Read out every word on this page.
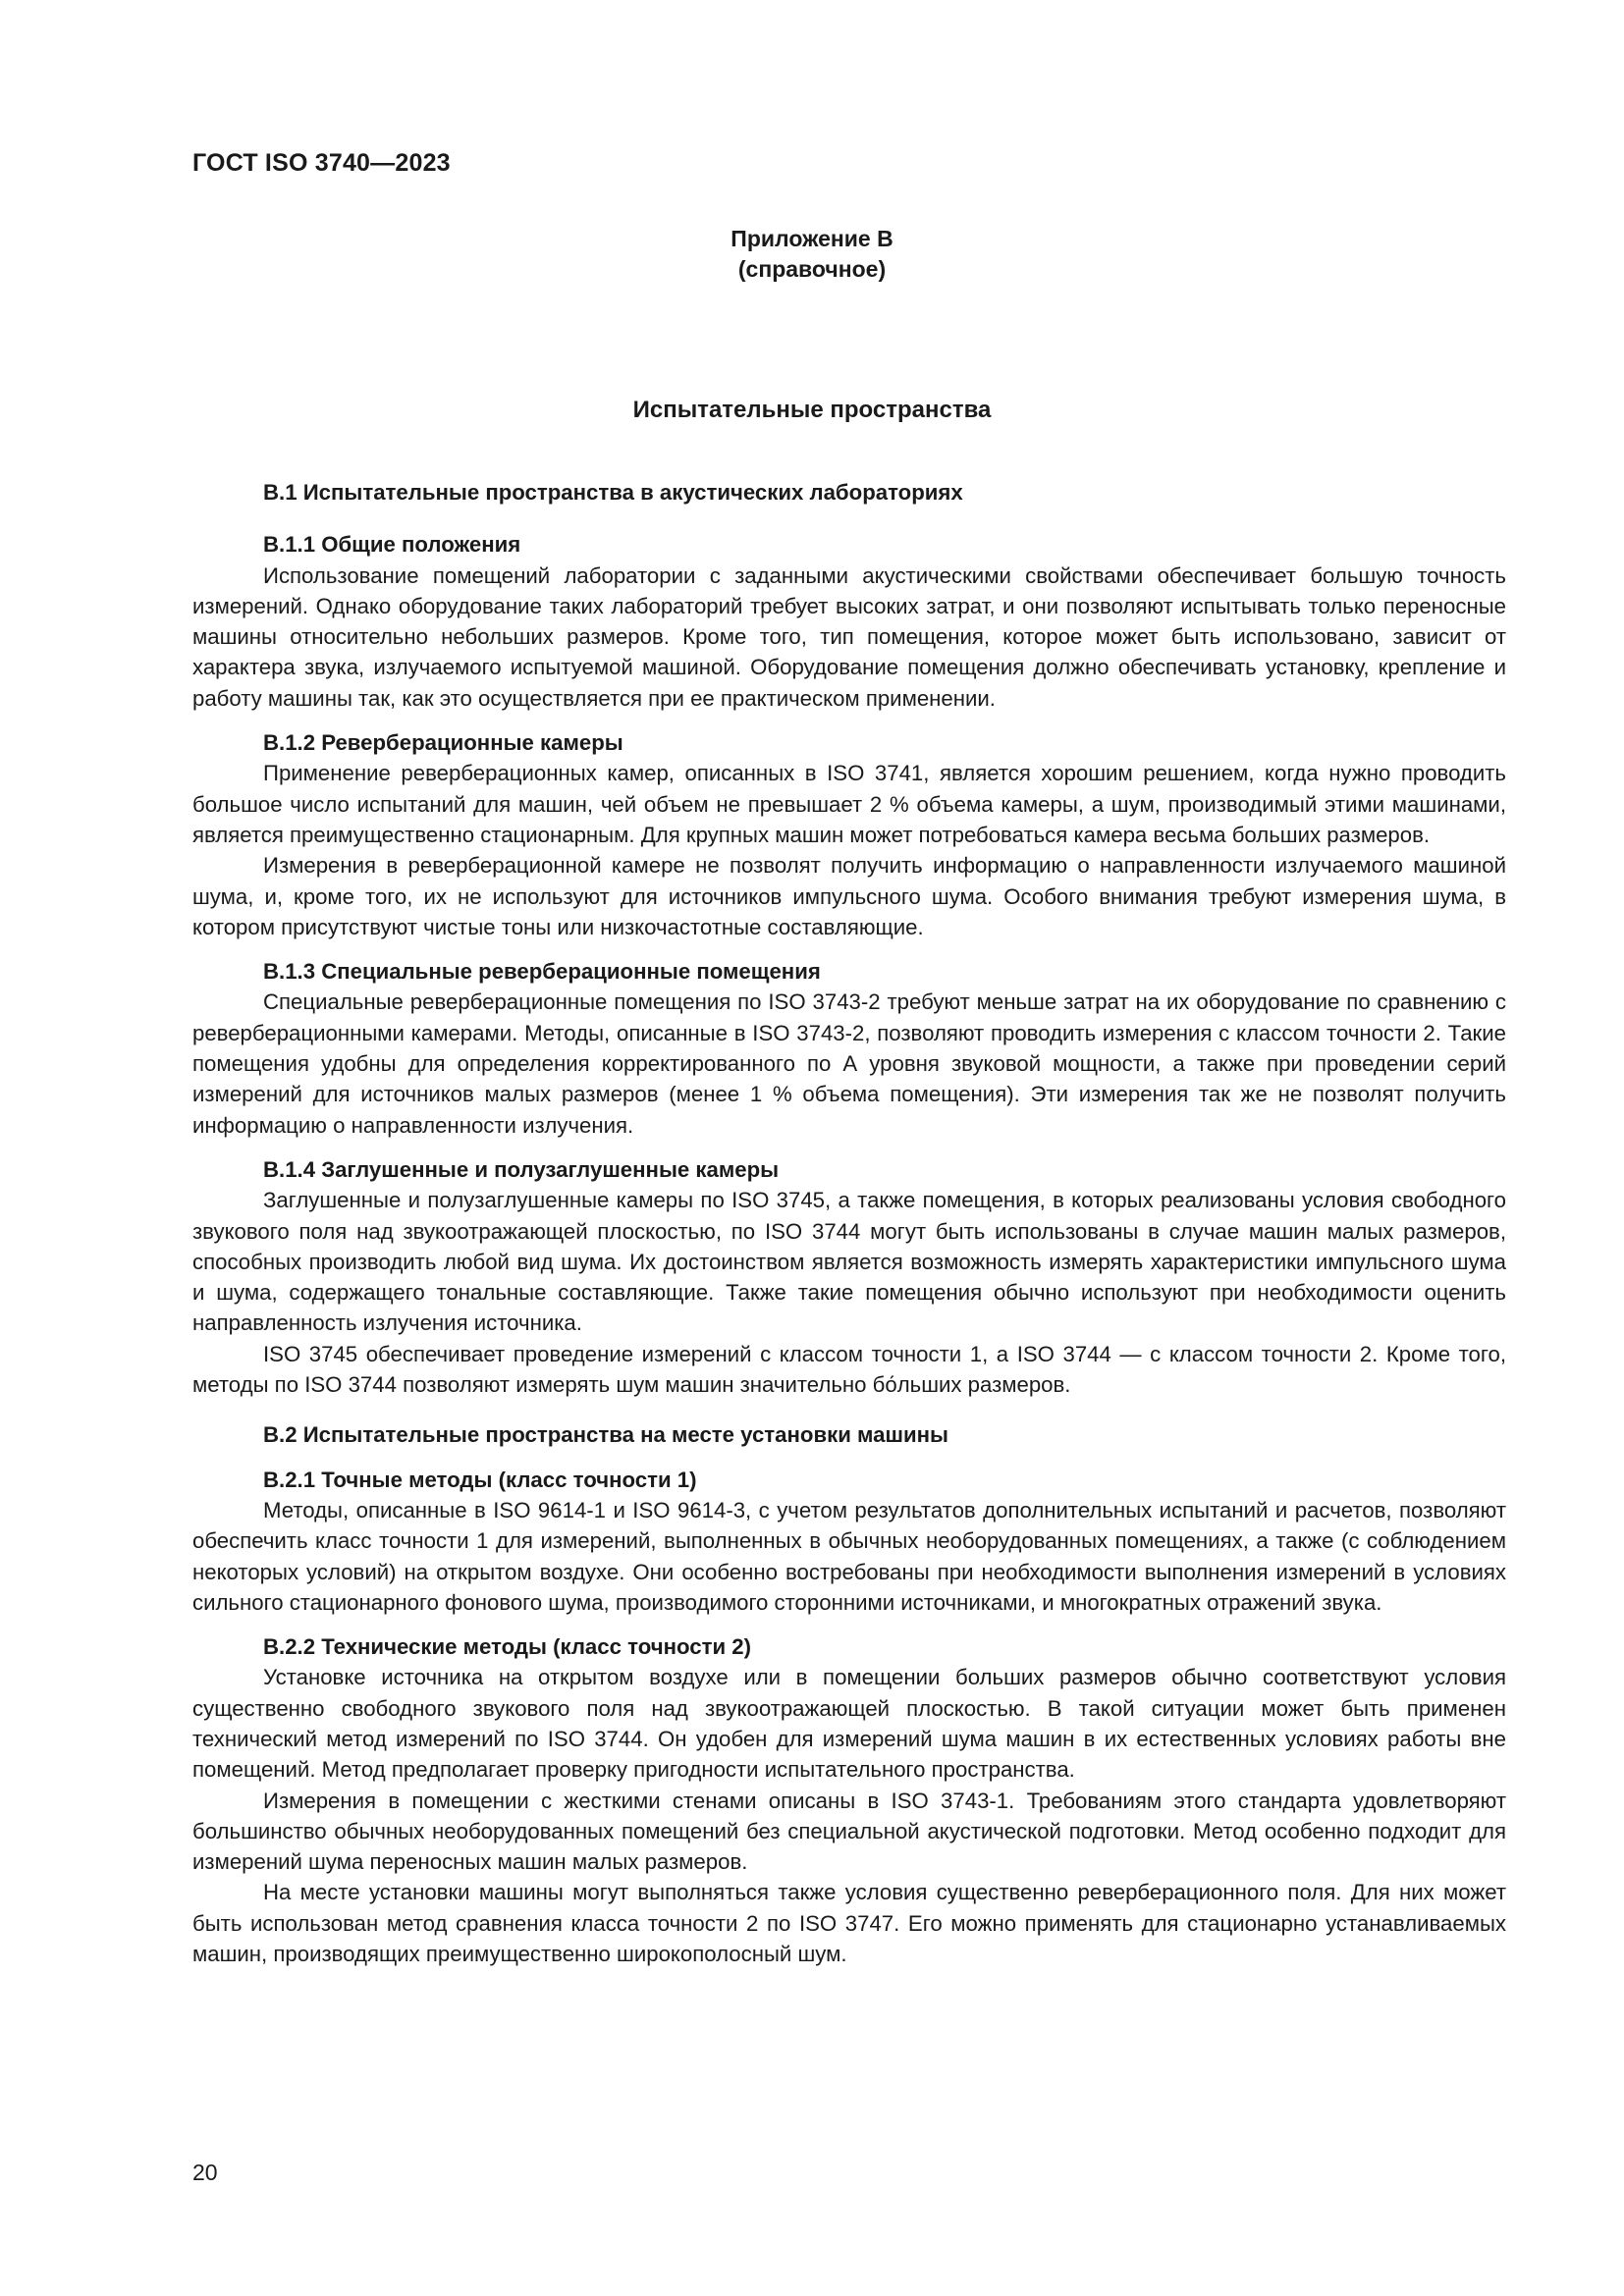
ГОСТ ISO 3740—2023
Приложение В
(справочное)
Испытательные пространства
В.1 Испытательные пространства в акустических лабораториях
В.1.1 Общие положения

Использование помещений лаборатории с заданными акустическими свойствами обеспечивает большую точность измерений. Однако оборудование таких лабораторий требует высоких затрат, и они позволяют испытывать только переносные машины относительно небольших размеров. Кроме того, тип помещения, которое может быть использовано, зависит от характера звука, излучаемого испытуемой машиной. Оборудование помещения должно обеспечивать установку, крепление и работу машины так, как это осуществляется при ее практическом применении.

В.1.2 Реверберационные камеры

Применение реверберационных камер, описанных в ISO 3741, является хорошим решением, когда нужно проводить большое число испытаний для машин, чей объем не превышает 2 % объема камеры, а шум, производимый этими машинами, является преимущественно стационарным. Для крупных машин может потребоваться камера весьма больших размеров.

Измерения в реверберационной камере не позволят получить информацию о направленности излучаемого машиной шума, и, кроме того, их не используют для источников импульсного шума. Особого внимания требуют измерения шума, в котором присутствуют чистые тоны или низкочастотные составляющие.

В.1.3 Специальные реверберационные помещения

Специальные реверберационные помещения по ISO 3743-2 требуют меньше затрат на их оборудование по сравнению с реверберационными камерами. Методы, описанные в ISO 3743-2, позволяют проводить измерения с классом точности 2. Такие помещения удобны для определения корректированного по А уровня звуковой мощности, а также при проведении серий измерений для источников малых размеров (менее 1 % объема помещения). Эти измерения так же не позволят получить информацию о направленности излучения.

В.1.4 Заглушенные и полузаглушенные камеры

Заглушенные и полузаглушенные камеры по ISO 3745, а также помещения, в которых реализованы условия свободного звукового поля над звукоотражающей плоскостью, по ISO 3744 могут быть использованы в случае машин малых размеров, способных производить любой вид шума. Их достоинством является возможность измерять характеристики импульсного шума и шума, содержащего тональные составляющие. Также такие помещения обычно используют при необходимости оценить направленность излучения источника.

ISO 3745 обеспечивает проведение измерений с классом точности 1, а ISO 3744 — с классом точности 2. Кроме того, методы по ISO 3744 позволяют измерять шум машин значительно бо́льших размеров.

В.2 Испытательные пространства на месте установки машины
В.2.1 Точные методы (класс точности 1)

Методы, описанные в ISO 9614-1 и ISO 9614-3, с учетом результатов дополнительных испытаний и расчетов, позволяют обеспечить класс точности 1 для измерений, выполненных в обычных необорудованных помещениях, а также (с соблюдением некоторых условий) на открытом воздухе. Они особенно востребованы при необходимости выполнения измерений в условиях сильного стационарного фонового шума, производимого сторонними источниками, и многократных отражений звука.

В.2.2 Технические методы (класс точности 2)

Установке источника на открытом воздухе или в помещении больших размеров обычно соответствуют условия существенно свободного звукового поля над звукоотражающей плоскостью. В такой ситуации может быть применен технический метод измерений по ISO 3744. Он удобен для измерений шума машин в их естественных условиях работы вне помещений. Метод предполагает проверку пригодности испытательного пространства.

Измерения в помещении с жесткими стенами описаны в ISO 3743-1. Требованиям этого стандарта удовлетворяют большинство обычных необорудованных помещений без специальной акустической подготовки. Метод особенно подходит для измерений шума переносных машин малых размеров.

На месте установки машины могут выполняться также условия существенно реверберационного поля. Для них может быть использован метод сравнения класса точности 2 по ISO 3747. Его можно применять для стационарно устанавливаемых машин, производящих преимущественно широкополосный шум.

20
